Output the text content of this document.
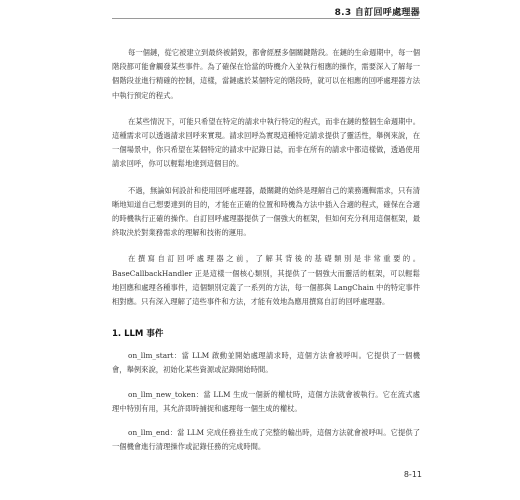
8.3 自訂回呼處理器

每一個鏈，從它被建立到最終被銷毀，都會經歷多個關鍵階段。在鏈的生命週期中，每一個階段都可能會觸發某些事件。為了確保在恰當的時機介入並執行相應的操作，需要深入了解每一個階段並進行精確的控制，這樣，當鏈處於某個特定的階段時，就可以在相應的回呼處理器方法中執行預定的程式。

在某些情況下，可能只希望在特定的請求中執行特定的程式，而非在鏈的整個生命週期中。這種需求可以透過請求回呼來實現。請求回呼為實現這種特定請求提供了靈活性，舉例來說，在一個場景中，你只希望在某個特定的請求中記錄日誌，而非在所有的請求中都這樣做，透過使用請求回呼，你可以輕鬆地達到這個目的。

不過，無論如何設計和使用回呼處理器，最關鍵的始終是理解自己的業務邏輯需求，只有清晰地知道自己想要達到的目的，才能在正確的位置和時機為方法中插入合適的程式，確保在合適的時機執行正確的操作。自訂回呼處理器提供了一個強大的框架，但如何充分利用這個框架，最終取決於對業務需求的理解和技術的運用。

在撰寫自訂回呼處理器之前，了解其背後的基礎類別是非常重要的。BaseCallbackHandler 正是這樣一個核心類別，其提供了一個強大而靈活的框架，可以輕鬆地回應和處理各種事件，這個類別定義了一系列的方法，每一個都與 LangChain 中的特定事件相對應。只有深入理解了這些事件和方法，才能有效地為應用撰寫自訂的回呼處理器。

1. LLM 事件

on_llm_start：當 LLM 啟動並開始處理請求時，這個方法會被呼叫。它提供了一個機會，舉例來說，初始化某些資源或記錄開始時間。

on_llm_new_token：當 LLM 生成一個新的權杖時，這個方法就會被執行。它在流式處理中特別有用，其允許即時捕捉和處理每一個生成的權杖。

on_llm_end：當 LLM 完成任務並生成了完整的輸出時，這個方法就會被呼叫。它提供了一個機會進行清理操作或記錄任務的完成時間。

8-11
